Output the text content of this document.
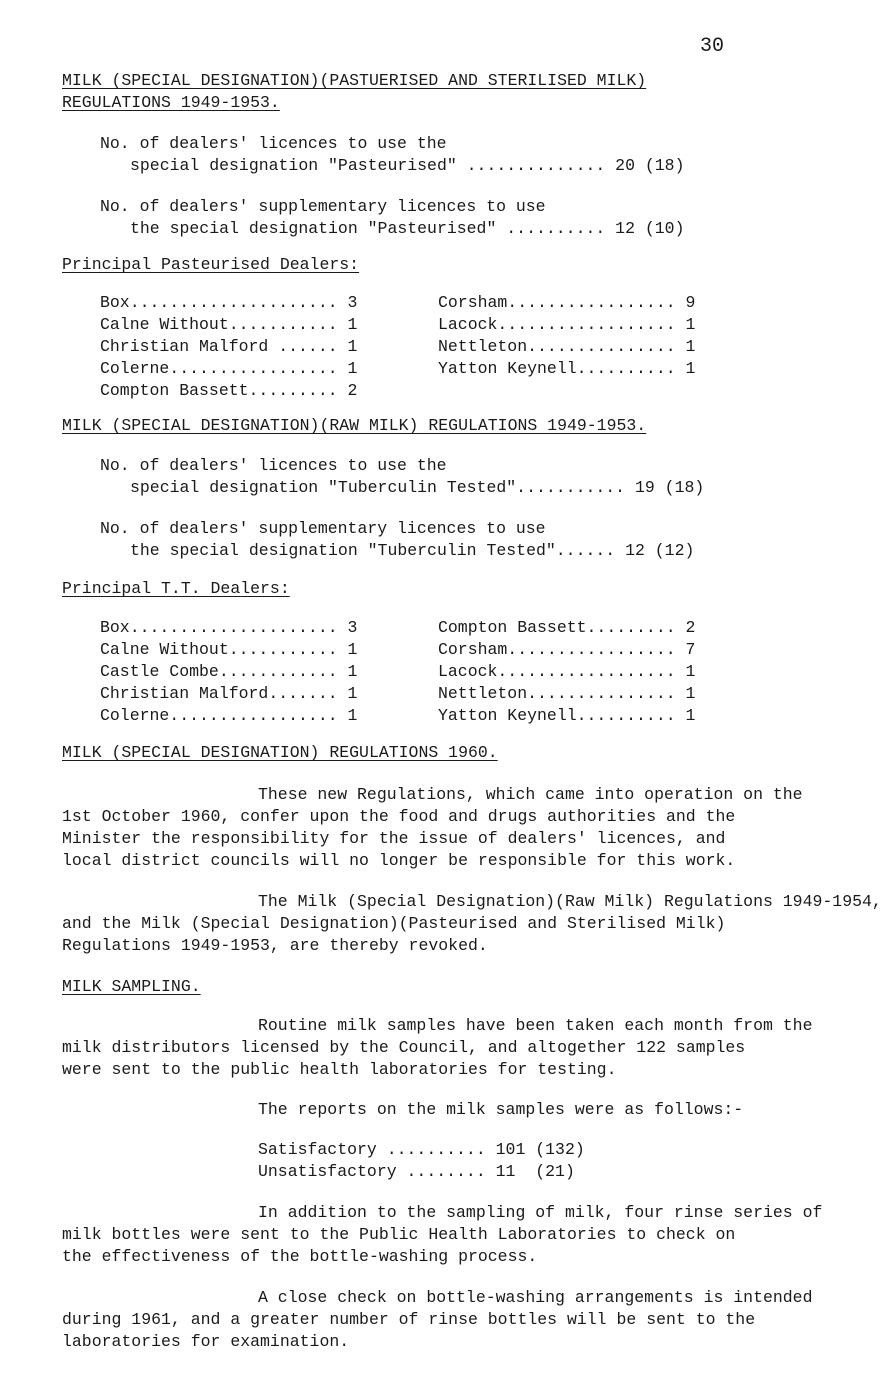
30
MILK (SPECIAL DESIGNATION)(PASTUERISED AND STERILISED MILK)
REGULATIONS 1949-1953.
No. of dealers' licences to use the
special designation "Pasteurised" .............. 20 (18)
No. of dealers' supplementary licences to use
the special designation "Pasteurised" .......... 12 (10)
Principal Pasteurised Dealers:
Box..................... 3
Calne Without........... 1
Christian Malford ...... 1
Colerne................. 1
Compton Bassett......... 2
Corsham................. 9
Lacock.................. 1
Nettleton............... 1
Yatton Keynell.......... 1
MILK (SPECIAL DESIGNATION)(RAW MILK) REGULATIONS 1949-1953.
No. of dealers' licences to use the
special designation "Tuberculin Tested"........... 19 (18)
No. of dealers' supplementary licences to use
the special designation "Tuberculin Tested"...... 12 (12)
Principal T.T. Dealers:
Box..................... 3
Calne Without........... 1
Castle Combe............ 1
Christian Malford....... 1
Colerne................. 1
Compton Bassett......... 2
Corsham................. 7
Lacock.................. 1
Nettleton............... 1
Yatton Keynell.......... 1
MILK (SPECIAL DESIGNATION) REGULATIONS 1960.
These new Regulations, which came into operation on the
1st October 1960, confer upon the food and drugs authorities and the
Minister the responsibility for the issue of dealers' licences, and
local district councils will no longer be responsible for this work.
The Milk (Special Designation)(Raw Milk) Regulations 1949-1954,
and the Milk (Special Designation)(Pasteurised and Sterilised Milk)
Regulations 1949-1953, are thereby revoked.
MILK SAMPLING.
Routine milk samples have been taken each month from the
milk distributors licensed by the Council, and altogether 122 samples
were sent to the public health laboratories for testing.
The reports on the milk samples were as follows:-
Satisfactory .......... 101 (132)
Unsatisfactory ........ 11  (21)
In addition to the sampling of milk, four rinse series of
milk bottles were sent to the Public Health Laboratories to check on
the effectiveness of the bottle-washing process.
A close check on bottle-washing arrangements is intended
during 1961, and a greater number of rinse bottles will be sent to the
laboratories for examination.
